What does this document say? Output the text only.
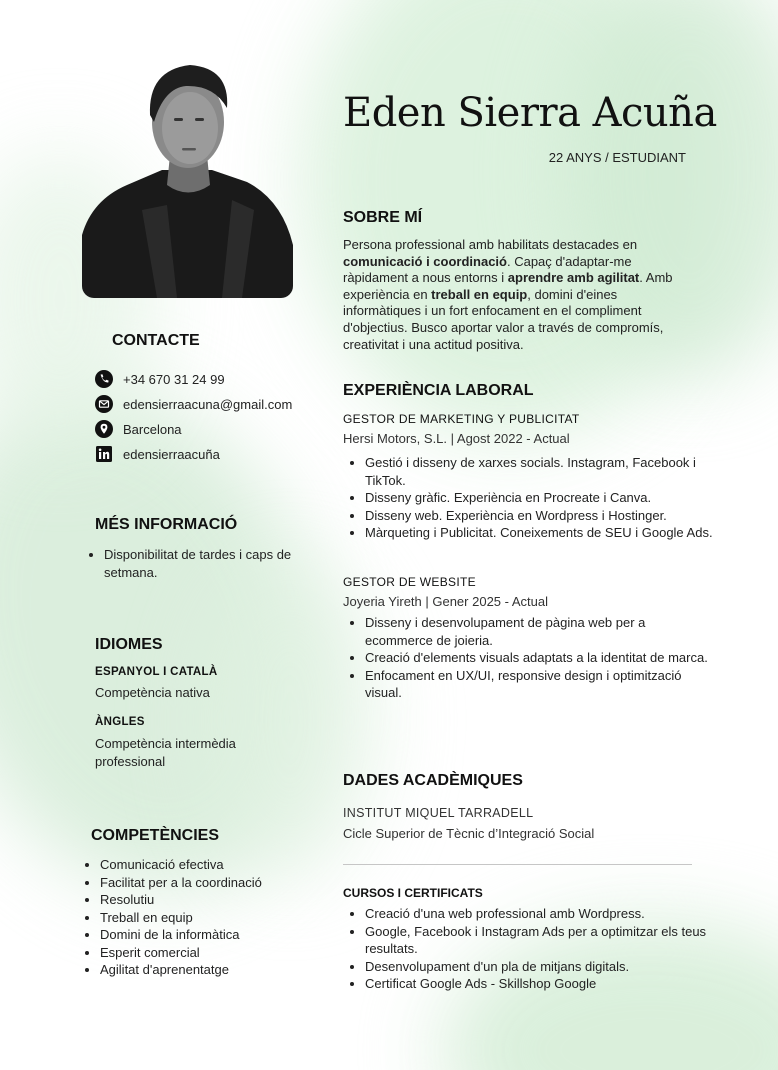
Eden Sierra Acuña
22 ANYS / ESTUDIANT
SOBRE MÍ
Persona professional amb habilitats destacades en comunicació i coordinació. Capaç d'adaptar-me ràpidament a nous entorns i aprendre amb agilitat. Amb experiència en treball en equip, domini d'eines informàtiques i un fort enfocament en el compliment d'objectius. Busco aportar valor a través de compromís, creativitat i una actitud positiva.
EXPERIÈNCIA LABORAL
GESTOR DE MARKETING Y PUBLICITAT
Hersi Motors, S.L. | Agost 2022 - Actual
• Gestió i disseny de xarxes socials. Instagram, Facebook i TikTok.
• Disseny gràfic. Experiència en Procreate i Canva.
• Disseny web. Experiència en Wordpress i Hostinger.
• Màrqueting i Publicitat. Coneixements de SEU i Google Ads.
GESTOR DE WEBSITE
Joyeria Yireth | Gener 2025 - Actual
• Disseny i desenvolupament de pàgina web per a ecommerce de joieria.
• Creació d'elements visuals adaptats a la identitat de marca.
• Enfocament en UX/UI, responsive design i optimització visual.
DADES ACADÈMIQUES
INSTITUT MIQUEL TARRADELL
Cicle Superior de Tècnic d’Integració Social
CURSOS I CERTIFICATS
• Creació d'una web professional amb Wordpress.
• Google, Facebook i Instagram Ads per a optimitzar els teus resultats.
• Desenvolupament d'un pla de mitjans digitals.
• Certificat Google Ads - Skillshop Google
CONTACTE
+34 670 31 24 99
edensierraacuna@gmail.com
Barcelona
edensierraacuña
MÉS INFORMACIÓ
• Disponibilitat de tardes i caps de setmana.
IDIOMES
ESPANYOL I CATALÀ
Competència nativa
ÀNGLES
Competència intermèdia professional
COMPETÈNCIES
• Comunicació efectiva
• Facilitat per a la coordinació
• Resolutiu
• Treball en equip
• Domini de la informàtica
• Esperit comercial
• Agilitat d'aprenentatge
